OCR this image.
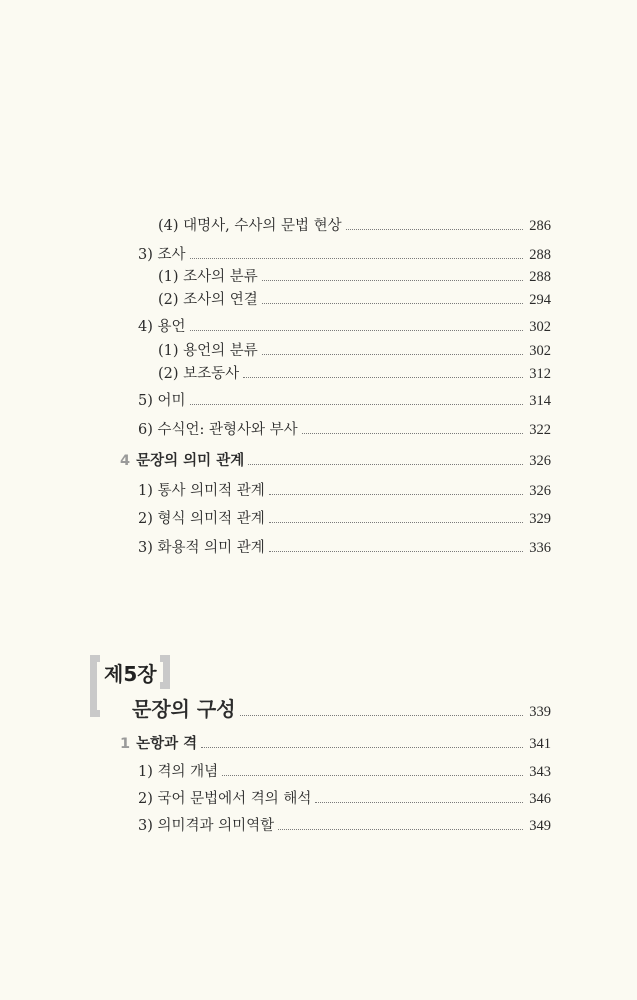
(4) 대명사, 수사의 문법 현상	286
3) 조사	288
(1) 조사의 분류	288
(2) 조사의 연결	294
4) 용언	302
(1) 용언의 분류	302
(2) 보조동사	312
5) 어미	314
6) 수식언: 관형사와 부사	322
4 문장의 의미 관계	326
1) 통사 의미적 관계	326
2) 형식 의미적 관계	329
3) 화용적 의미 관계	336
제5장
문장의 구성	339
1 논항과 격	341
1) 격의 개념	343
2) 국어 문법에서 격의 해석	346
3) 의미격과 의미역할	349
